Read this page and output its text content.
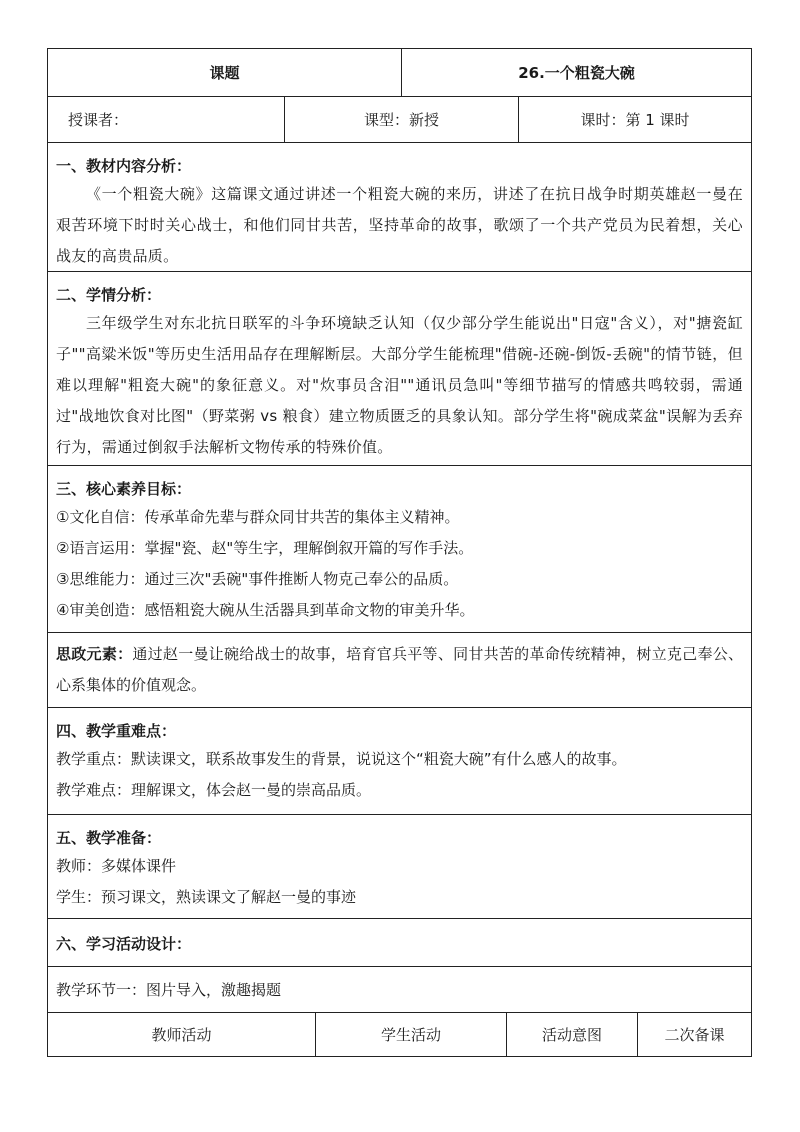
课题	26.一个粗瓷大碗
授课者：	课型：新授	课时：第 1 课时
一、教材内容分析：
《一个粗瓷大碗》这篇课文通过讲述一个粗瓷大碗的来历，讲述了在抗日战争时期英雄赵一曼在艰苦环境下时时关心战士，和他们同甘共苦，坚持革命的故事，歌颂了一个共产党员为民着想，关心战友的高贵品质。
二、学情分析：
三年级学生对东北抗日联军的斗争环境缺乏认知（仅少部分学生能说出"日寇"含义），对"搪瓷缸子""高粱米饭"等历史生活用品存在理解断层。大部分学生能梳理"借碗-还碗-倒饭-丢碗"的情节链，但难以理解"粗瓷大碗"的象征意义。对"炊事员含泪""通讯员急叫"等细节描写的情感共鸣较弱，需通过"战地饮食对比图"（野菜粥 vs 粮食）建立物质匮乏的具象认知。部分学生将"碗成菜盆"误解为丢弃行为，需通过倒叙手法解析文物传承的特殊价值。
三、核心素养目标：
①文化自信：传承革命先辈与群众同甘共苦的集体主义精神。
②语言运用：掌握"瓷、赵"等生字，理解倒叙开篇的写作手法。
③思维能力：通过三次"丢碗"事件推断人物克己奉公的品质。
④审美创造：感悟粗瓷大碗从生活器具到革命文物的审美升华。
思政元素：通过赵一曼让碗给战士的故事，培育官兵平等、同甘共苦的革命传统精神，树立克己奉公、心系集体的价值观念。
四、教学重难点：
教学重点：默读课文，联系故事发生的背景，说说这个“粗瓷大碗”有什么感人的故事。
教学难点：理解课文，体会赵一曼的崇高品质。
五、教学准备：
教师：多媒体课件
学生：预习课文，熟读课文了解赵一曼的事迹
六、学习活动设计：
教学环节一：图片导入，激趣揭题
教师活动	学生活动	活动意图	二次备课
